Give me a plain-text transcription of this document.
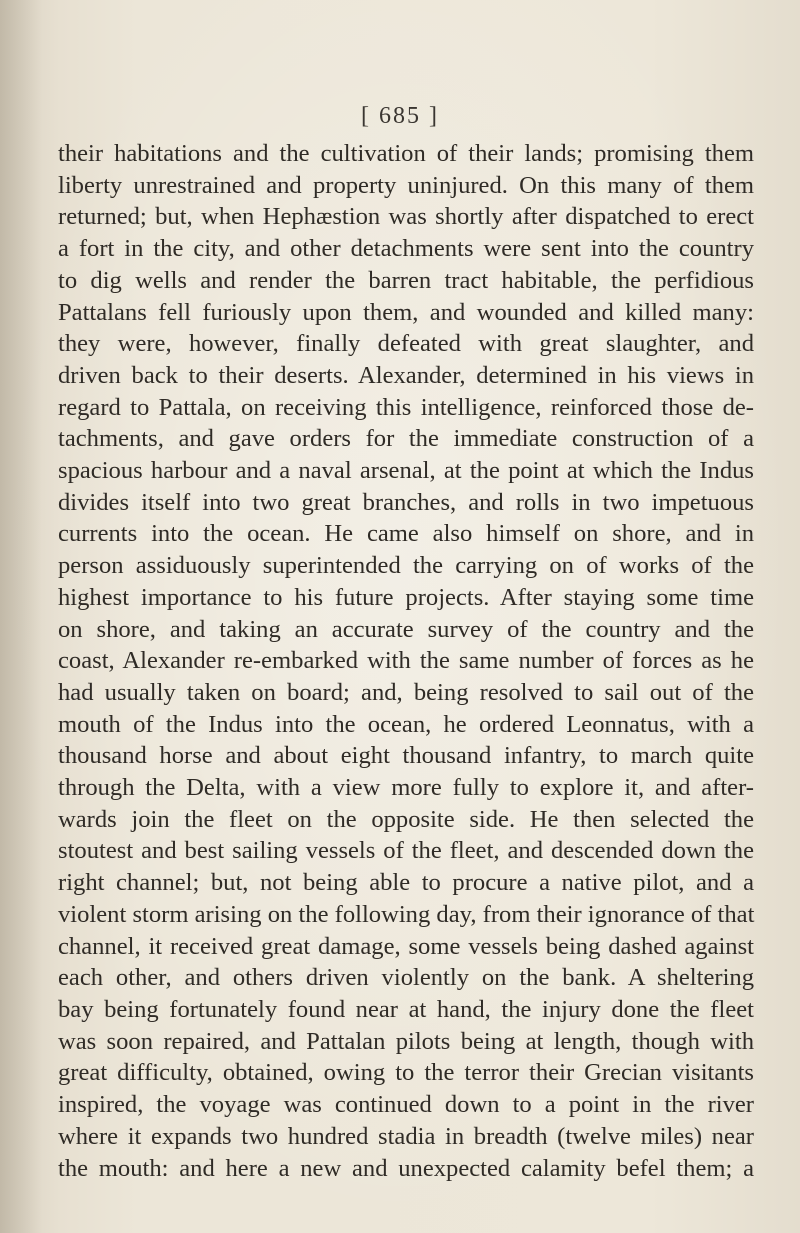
[ 685 ]
their habitations and the cultivation of their lands; promising them
liberty unrestrained and property uninjured. On this many of them
returned; but, when Hephæstion was shortly after dispatched to erect
a fort in the city, and other detachments were sent into the country
to dig wells and render the barren tract habitable, the perfidious
Pattalans fell furiously upon them, and wounded and killed many:
they were, however, finally defeated with great slaughter, and
driven back to their deserts. Alexander, determined in his views in
regard to Pattala, on receiving this intelligence, reinforced those de-
tachments, and gave orders for the immediate construction of a
spacious harbour and a naval arsenal, at the point at which the Indus
divides itself into two great branches, and rolls in two impetuous
currents into the ocean. He came also himself on shore, and in
person assiduously superintended the carrying on of works of the
highest importance to his future projects. After staying some time
on shore, and taking an accurate survey of the country and the
coast, Alexander re-embarked with the same number of forces as he
had usually taken on board; and, being resolved to sail out of the
mouth of the Indus into the ocean, he ordered Leonnatus, with a
thousand horse and about eight thousand infantry, to march quite
through the Delta, with a view more fully to explore it, and after-
wards join the fleet on the opposite side. He then selected the
stoutest and best sailing vessels of the fleet, and descended down the
right channel; but, not being able to procure a native pilot, and a
violent storm arising on the following day, from their ignorance of that
channel, it received great damage, some vessels being dashed against
each other, and others driven violently on the bank. A sheltering
bay being fortunately found near at hand, the injury done the fleet
was soon repaired, and Pattalan pilots being at length, though with
great difficulty, obtained, owing to the terror their Grecian visitants
inspired, the voyage was continued down to a point in the river
where it expands two hundred stadia in breadth (twelve miles) near
the mouth: and here a new and unexpected calamity befel them; a
